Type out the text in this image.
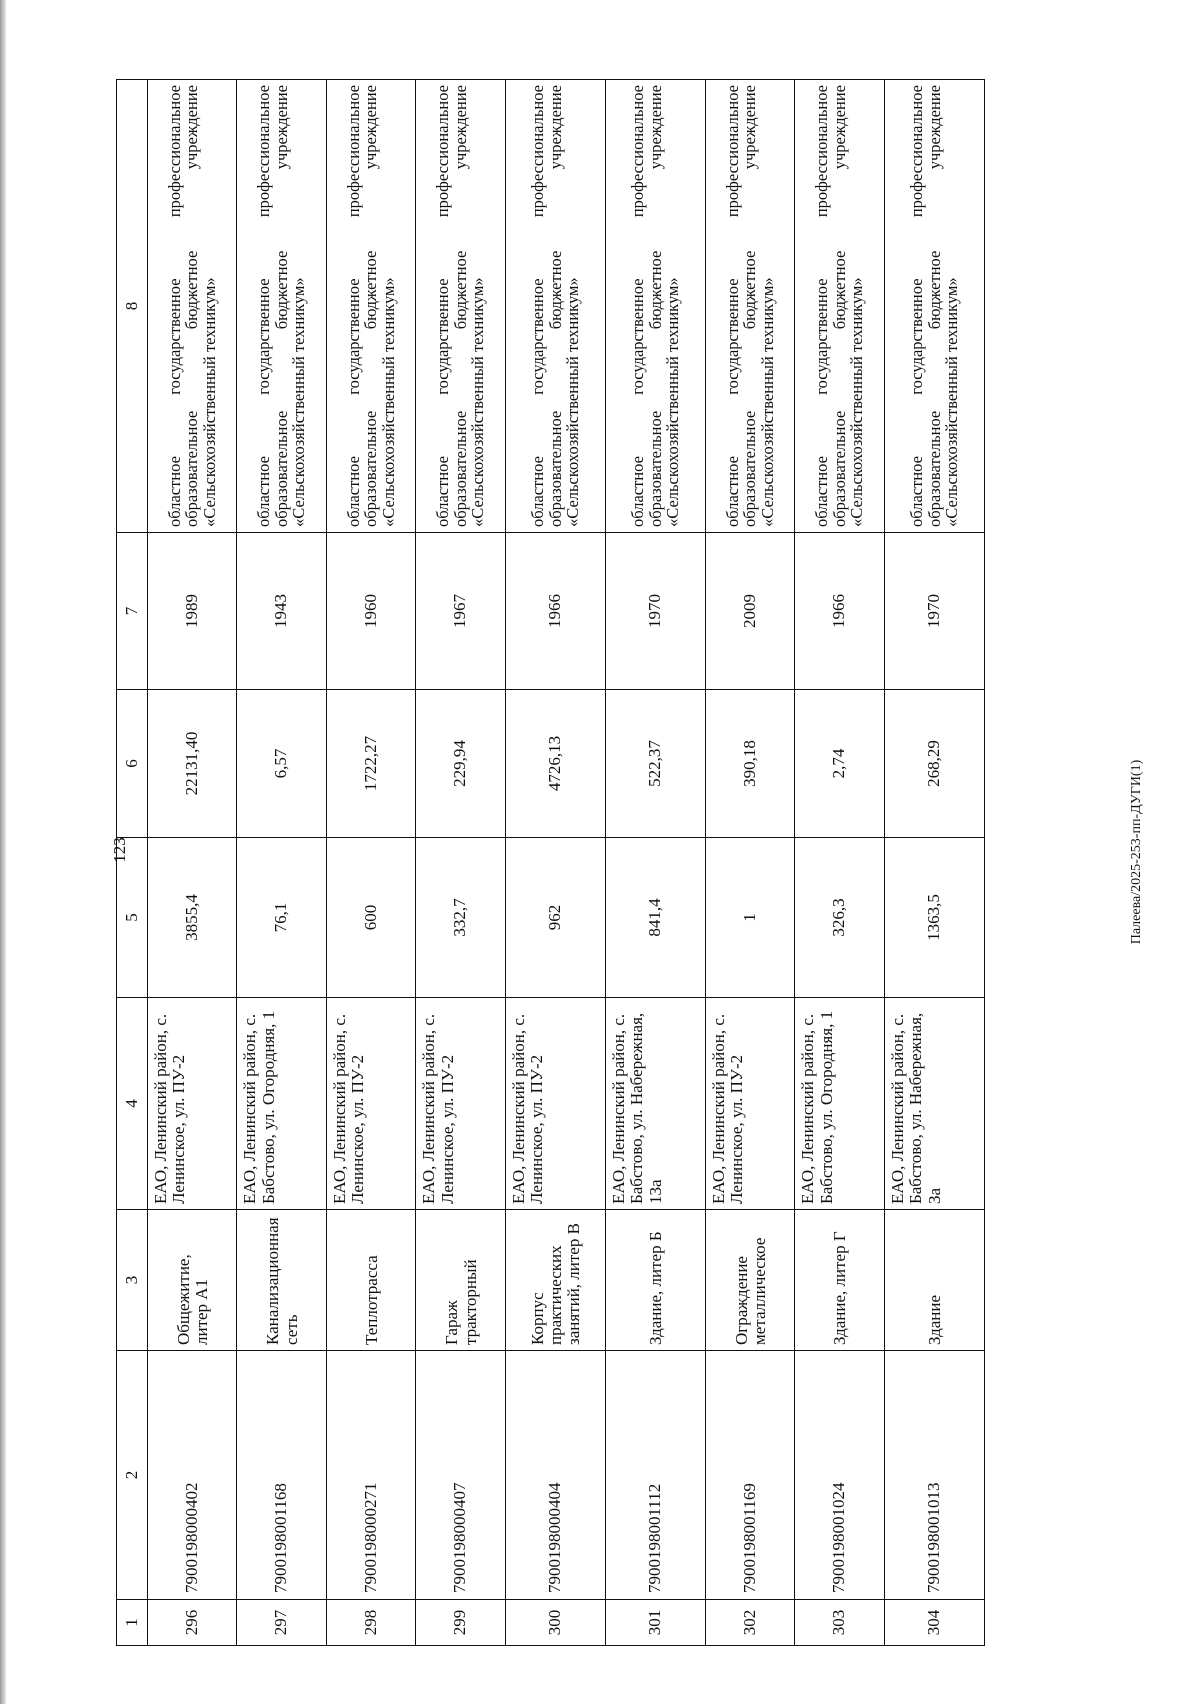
123	Палеева/2025-253-пп-ДУГИ(1)
1	2	3	4	5	6	7	8
296	7900198000402	Общежитие, литер А1	ЕАО, Ленинский район, с. Ленинское, ул. ПУ-2	3855,4	22131,40	1989	областное государственное профессиональное образовательное бюджетное учреждение «Сельскохозяйственный техникум»
297	7900198001168	Канализационная сеть	ЕАО, Ленинский район, с. Бабстово, ул. Огородняя, 1	76,1	6,57	1943	областное государственное профессиональное образовательное бюджетное учреждение «Сельскохозяйственный техникум»
298	7900198000271	Теплотрасса	ЕАО, Ленинский район, с. Ленинское, ул. ПУ-2	600	1722,27	1960	областное государственное профессиональное образовательное бюджетное учреждение «Сельскохозяйственный техникум»
299	7900198000407	Гараж тракторный	ЕАО, Ленинский район, с. Ленинское, ул. ПУ-2	332,7	229,94	1967	областное государственное профессиональное образовательное бюджетное учреждение «Сельскохозяйственный техникум»
300	7900198000404	Корпус практических занятий, литер В	ЕАО, Ленинский район, с. Ленинское, ул. ПУ-2	962	4726,13	1966	областное государственное профессиональное образовательное бюджетное учреждение «Сельскохозяйственный техникум»
301	7900198001112	Здание, литер Б	ЕАО, Ленинский район, с. Бабстово, ул. Набережная, 13а	841,4	522,37	1970	областное государственное профессиональное образовательное бюджетное учреждение «Сельскохозяйственный техникум»
302	7900198001169	Ограждение металлическое	ЕАО, Ленинский район, с. Ленинское, ул. ПУ-2	1	390,18	2009	областное государственное профессиональное образовательное бюджетное учреждение «Сельскохозяйственный техникум»
303	7900198001024	Здание, литер Г	ЕАО, Ленинский район, с. Бабстово, ул. Огородняя, 1	326,3	2,74	1966	областное государственное профессиональное образовательное бюджетное учреждение «Сельскохозяйственный техникум»
304	7900198001013	Здание	ЕАО, Ленинский район, с. Бабстово, ул. Набережная, 3а	1363,5	268,29	1970	областное государственное профессиональное образовательное бюджетное учреждение «Сельскохозяйственный техникум»
